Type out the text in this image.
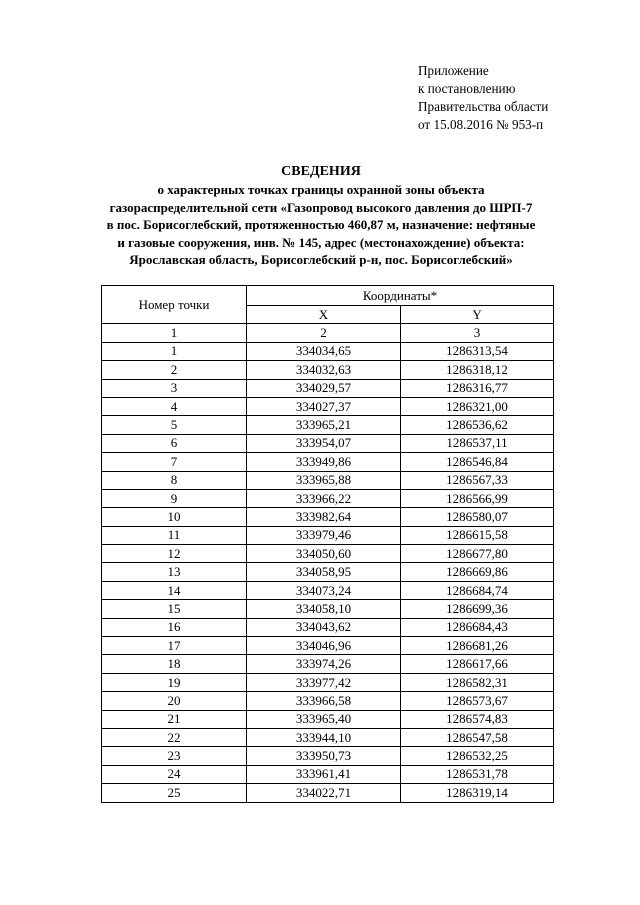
Приложение
к постановлению
Правительства области
от 15.08.2016 № 953-п
СВЕДЕНИЯ
о характерных точках границы охранной зоны объекта
газораспределительной сети «Газопровод высокого давления до ШРП-7
в пос. Борисоглебский, протяженностью 460,87 м, назначение: нефтяные
и газовые сооружения, инв. № 145, адрес (местонахождение) объекта:
Ярославская область, Борисоглебский р-н, пос. Борисоглебский»
Номер точки	Координаты*	
	X	Y
1	2	3
1	334034,65	1286313,54
2	334032,63	1286318,12
3	334029,57	1286316,77
4	334027,37	1286321,00
5	333965,21	1286536,62
6	333954,07	1286537,11
7	333949,86	1286546,84
8	333965,88	1286567,33
9	333966,22	1286566,99
10	333982,64	1286580,07
11	333979,46	1286615,58
12	334050,60	1286677,80
13	334058,95	1286669,86
14	334073,24	1286684,74
15	334058,10	1286699,36
16	334043,62	1286684,43
17	334046,96	1286681,26
18	333974,26	1286617,66
19	333977,42	1286582,31
20	333966,58	1286573,67
21	333965,40	1286574,83
22	333944,10	1286547,58
23	333950,73	1286532,25
24	333961,41	1286531,78
25	334022,71	1286319,14
